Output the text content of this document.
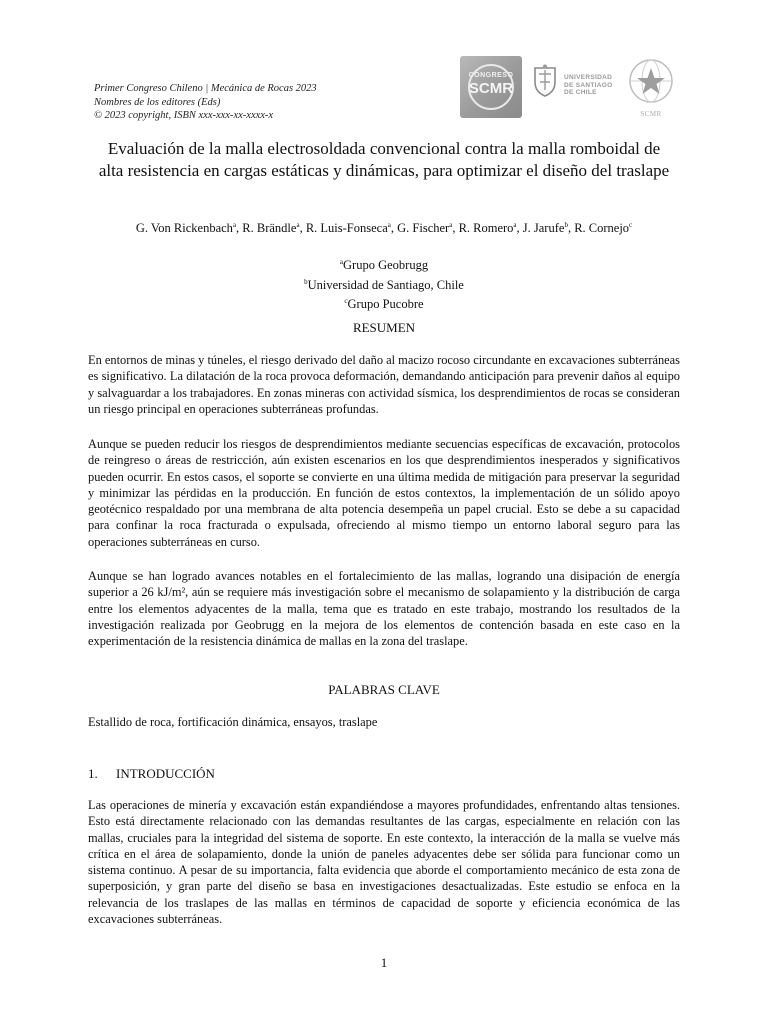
Primer Congreso Chileno | Mecánica de Rocas 2023
Nombres de los editores (Eds)
© 2023 copyright, ISBN xxx-xxx-xx-xxxx-x
CONGRESO
SCMR
UNIVERSIDAD
DE SANTIAGO
DE CHILE
SCMR
Evaluación de la malla electrosoldada convencional contra la malla romboidal de
alta resistencia en cargas estáticas y dinámicas, para optimizar el diseño del traslape
G. Von Rickenbach$^a$, R. Brändle$^a$, R. Luis-Fonseca$^a$, G. Fischer$^a$, R. Romero$^a$, J. Jarufe$^b$, R. Cornejo$^c$
$^a$Grupo Geobrugg
$^b$Universidad de Santiago, Chile
$^c$Grupo Pucobre
RESUMEN
En entornos de minas y túneles, el riesgo derivado del daño al macizo rocoso circundante en excavaciones subterráneas es significativo. La dilatación de la roca provoca deformación, demandando anticipación para prevenir daños al equipo y salvaguardar a los trabajadores. En zonas mineras con actividad sísmica, los desprendimientos de rocas se consideran un riesgo principal en operaciones subterráneas profundas.
Aunque se pueden reducir los riesgos de desprendimientos mediante secuencias específicas de excavación, protocolos de reingreso o áreas de restricción, aún existen escenarios en los que desprendimientos inesperados y significativos pueden ocurrir. En estos casos, el soporte se convierte en una última medida de mitigación para preservar la seguridad y minimizar las pérdidas en la producción. En función de estos contextos, la implementación de un sólido apoyo geotécnico respaldado por una membrana de alta potencia desempeña un papel crucial. Esto se debe a su capacidad para confinar la roca fracturada o expulsada, ofreciendo al mismo tiempo un entorno laboral seguro para las operaciones subterráneas en curso.
Aunque se han logrado avances notables en el fortalecimiento de las mallas, logrando una disipación de energía superior a 26 kJ/m², aún se requiere más investigación sobre el mecanismo de solapamiento y la distribución de carga entre los elementos adyacentes de la malla, tema que es tratado en este trabajo, mostrando los resultados de la investigación realizada por Geobrugg en la mejora de los elementos de contención basada en este caso en la experimentación de la resistencia dinámica de mallas en la zona del traslape.
PALABRAS CLAVE
Estallido de roca, fortificación dinámica, ensayos, traslape
1. INTRODUCCIÓN
Las operaciones de minería y excavación están expandiéndose a mayores profundidades, enfrentando altas tensiones. Esto está directamente relacionado con las demandas resultantes de las cargas, especialmente en relación con las mallas, cruciales para la integridad del sistema de soporte. En este contexto, la interacción de la malla se vuelve más crítica en el área de solapamiento, donde la unión de paneles adyacentes debe ser sólida para funcionar como un sistema continuo. A pesar de su importancia, falta evidencia que aborde el comportamiento mecánico de esta zona de superposición, y gran parte del diseño se basa en investigaciones desactualizadas. Este estudio se enfoca en la relevancia de los traslapes de las mallas en términos de capacidad de soporte y eficiencia económica de las excavaciones subterráneas.
1
